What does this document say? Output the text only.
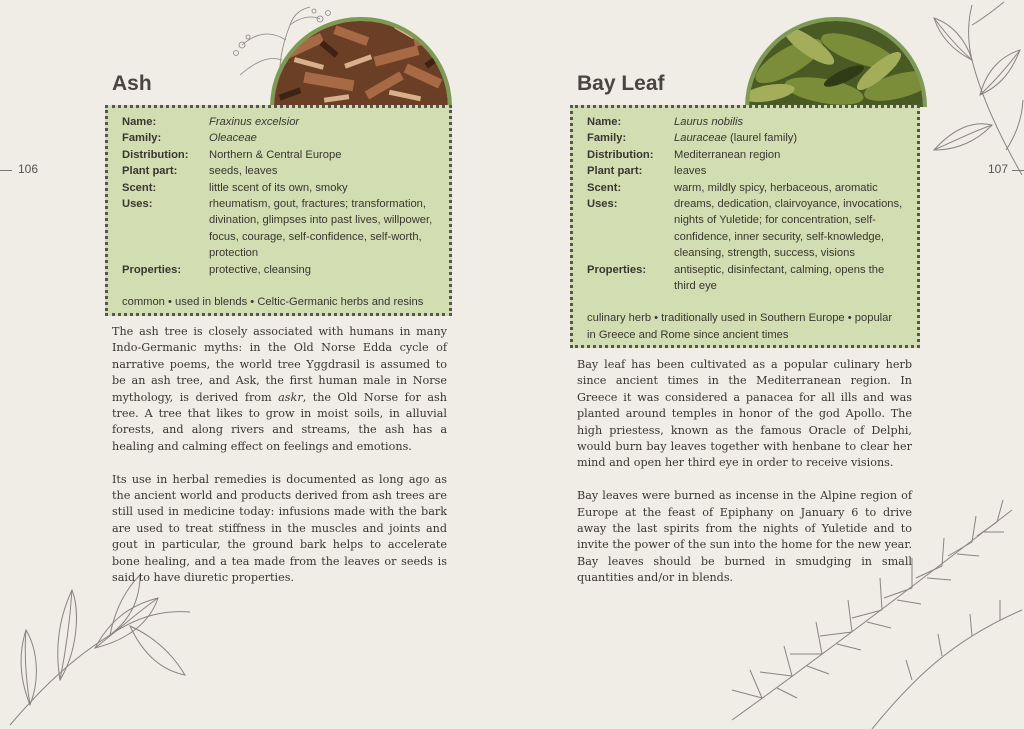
106
Ash
Name:	Fraxinus excelsior
Family:	Oleaceae
Distribution:	Northern & Central Europe
Plant part:	seeds, leaves
Scent:	little scent of its own, smoky
Uses:	rheumatism, gout, fractures; transformation, divination, glimpses into past lives, willpower, focus, courage, self-confidence, self-worth, protection
Properties:	protective, cleansing
common • used in blends • Celtic-Germanic herbs and resins

The ash tree is closely associated with humans in many Indo-Germanic myths: in the Old Norse Edda cycle of narrative poems, the world tree Yggdrasil is assumed to be an ash tree, and Ask, the first human male in Norse mythology, is derived from askr, the Old Norse for ash tree. A tree that likes to grow in moist soils, in alluvial forests, and along rivers and streams, the ash has a healing and calming effect on feelings and emotions.

Its use in herbal remedies is documented as long ago as the ancient world and products derived from ash trees are still used in medicine today: infusions made with the bark are used to treat stiffness in the muscles and joints and gout in particular, the ground bark helps to accelerate bone healing, and a tea made from the leaves or seeds is said to have diuretic properties.

107
Bay Leaf
Name:	Laurus nobilis
Family:	Lauraceae (laurel family)
Distribution:	Mediterranean region
Plant part:	leaves
Scent:	warm, mildly spicy, herbaceous, aromatic
Uses:	dreams, dedication, clairvoyance, invocations, nights of Yuletide; for concentration, self-confidence, inner security, self-knowledge, cleansing, strength, success, visions
Properties:	antiseptic, disinfectant, calming, opens the third eye
culinary herb • traditionally used in Southern Europe • popular in Greece and Rome since ancient times

Bay leaf has been cultivated as a popular culinary herb since ancient times in the Mediterranean region. In Greece it was considered a panacea for all ills and was planted around temples in honor of the god Apollo. The high priestess, known as the famous Oracle of Delphi, would burn bay leaves together with henbane to clear her mind and open her third eye in order to receive visions.

Bay leaves were burned as incense in the Alpine region of Europe at the feast of Epiphany on January 6 to drive away the last spirits from the nights of Yuletide and to invite the power of the sun into the home for the new year. Bay leaves should be burned in smudging in small quantities and/or in blends.
